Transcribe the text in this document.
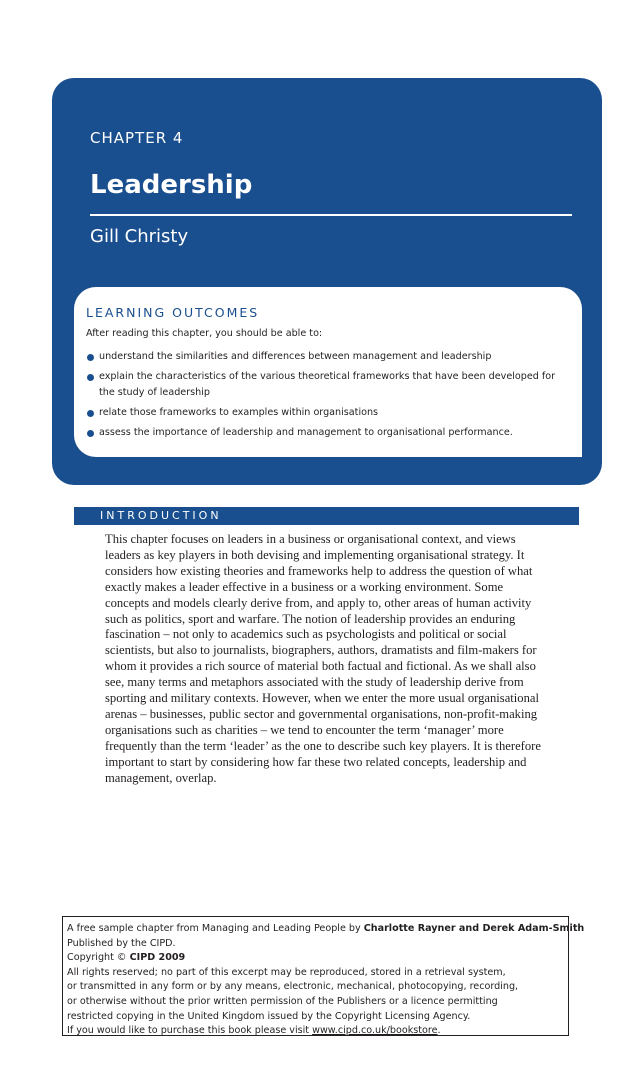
CHAPTER 4
Leadership
Gill Christy
LEARNING OUTCOMES
After reading this chapter, you should be able to:
understand the similarities and differences between management and leadership
explain the characteristics of the various theoretical frameworks that have been developed for the study of leadership
relate those frameworks to examples within organisations
assess the importance of leadership and management to organisational performance.
INTRODUCTION

This chapter focuses on leaders in a business or organisational context, and views leaders as key players in both devising and implementing organisational strategy. It considers how existing theories and frameworks help to address the question of what exactly makes a leader effective in a business or a working environment. Some concepts and models clearly derive from, and apply to, other areas of human activity such as politics, sport and warfare. The notion of leadership provides an enduring fascination – not only to academics such as psychologists and political or social scientists, but also to journalists, biographers, authors, dramatists and film-makers for whom it provides a rich source of material both factual and fictional. As we shall also see, many terms and metaphors associated with the study of leadership derive from sporting and military contexts. However, when we enter the more usual organisational arenas – businesses, public sector and governmental organisations, non-profit-making organisations such as charities – we tend to encounter the term ‘manager’ more frequently than the term ‘leader’ as the one to describe such key players. It is therefore important to start by considering how far these two related concepts, leadership and management, overlap.

A free sample chapter from Managing and Leading People by Charlotte Rayner and Derek Adam-Smith
Published by the CIPD.
Copyright © CIPD 2009
All rights reserved; no part of this excerpt may be reproduced, stored in a retrieval system,
or transmitted in any form or by any means, electronic, mechanical, photocopying, recording,
or otherwise without the prior written permission of the Publishers or a licence permitting
restricted copying in the United Kingdom issued by the Copyright Licensing Agency.
If you would like to purchase this book please visit www.cipd.co.uk/bookstore.
